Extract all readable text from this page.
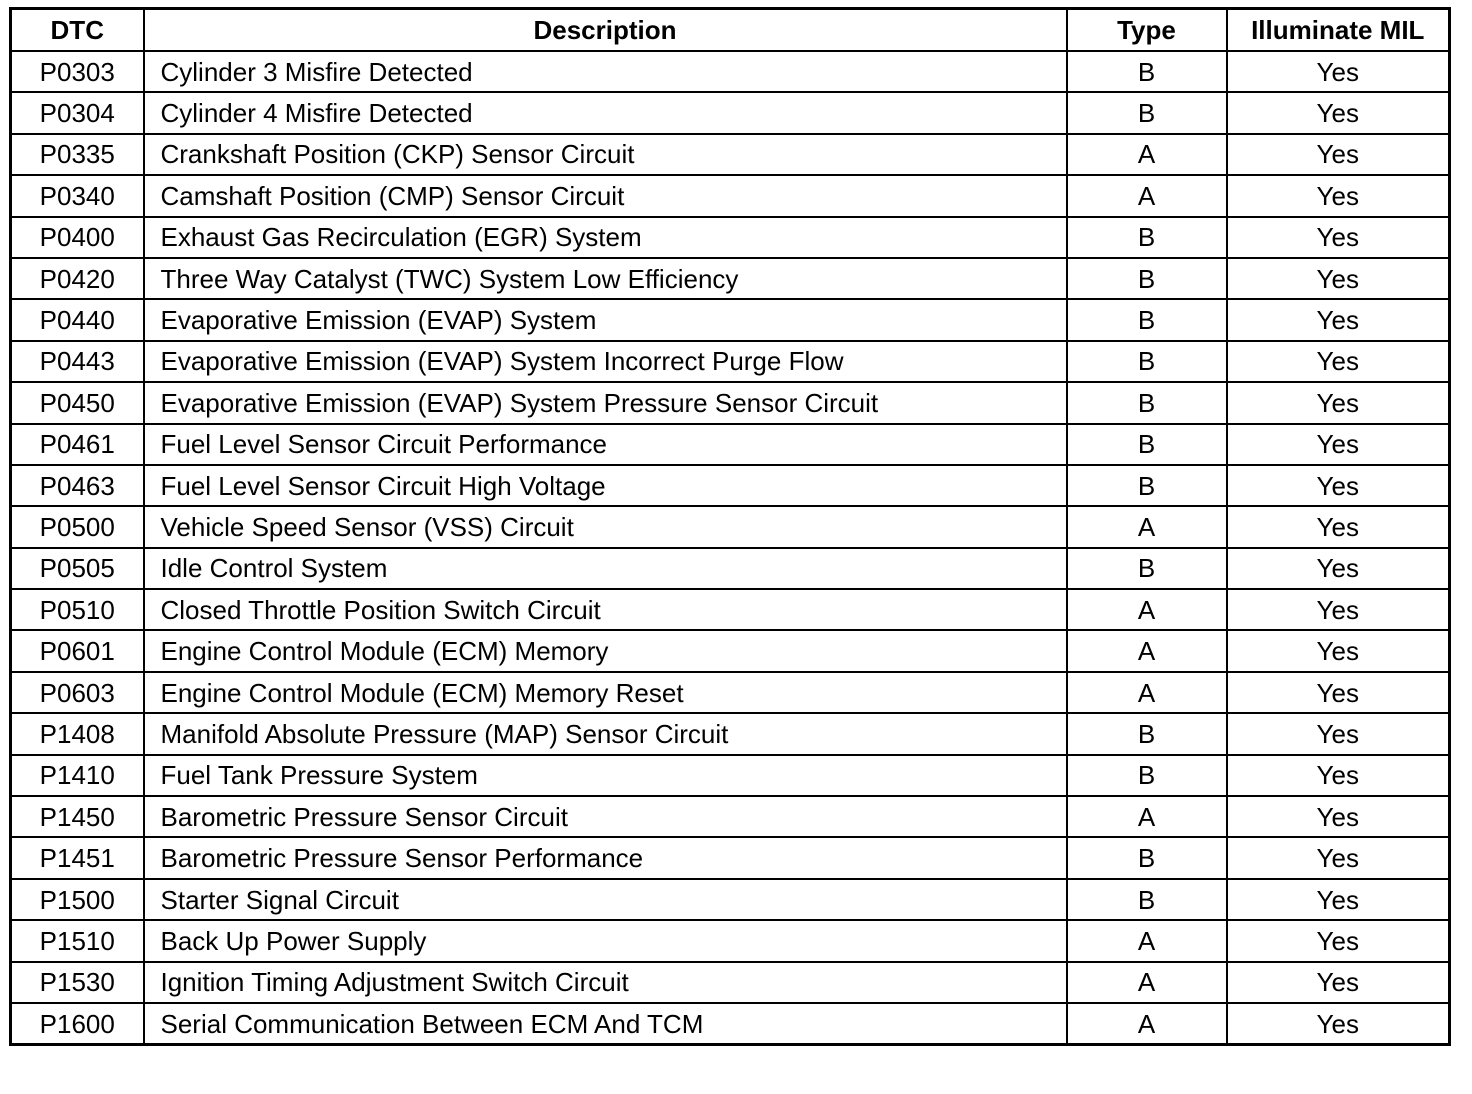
DTC	Description	Type	Illuminate MIL
P0303	Cylinder 3 Misfire Detected	B	Yes
P0304	Cylinder 4 Misfire Detected	B	Yes
P0335	Crankshaft Position (CKP) Sensor Circuit	A	Yes
P0340	Camshaft Position (CMP) Sensor Circuit	A	Yes
P0400	Exhaust Gas Recirculation (EGR) System	B	Yes
P0420	Three Way Catalyst (TWC) System Low Efficiency	B	Yes
P0440	Evaporative Emission (EVAP) System	B	Yes
P0443	Evaporative Emission (EVAP) System Incorrect Purge Flow	B	Yes
P0450	Evaporative Emission (EVAP) System Pressure Sensor Circuit	B	Yes
P0461	Fuel Level Sensor Circuit Performance	B	Yes
P0463	Fuel Level Sensor Circuit High Voltage	B	Yes
P0500	Vehicle Speed Sensor (VSS) Circuit	A	Yes
P0505	Idle Control System	B	Yes
P0510	Closed Throttle Position Switch Circuit	A	Yes
P0601	Engine Control Module (ECM) Memory	A	Yes
P0603	Engine Control Module (ECM) Memory Reset	A	Yes
P1408	Manifold Absolute Pressure (MAP) Sensor Circuit	B	Yes
P1410	Fuel Tank Pressure System	B	Yes
P1450	Barometric Pressure Sensor Circuit	A	Yes
P1451	Barometric Pressure Sensor Performance	B	Yes
P1500	Starter Signal Circuit	B	Yes
P1510	Back Up Power Supply	A	Yes
P1530	Ignition Timing Adjustment Switch Circuit	A	Yes
P1600	Serial Communication Between ECM And TCM	A	Yes
